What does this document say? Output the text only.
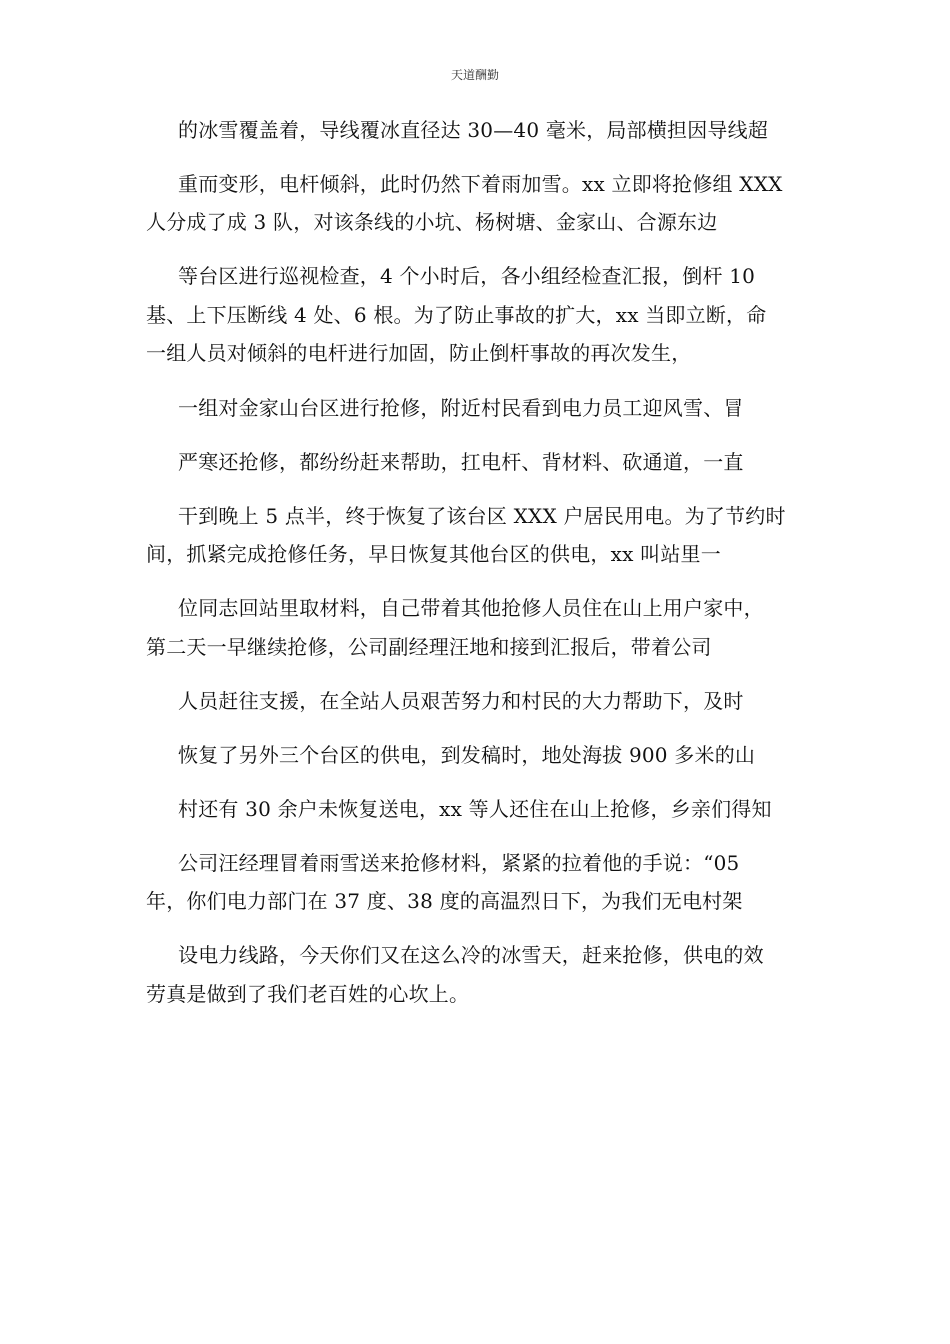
天道酬勤
的冰雪覆盖着，导线覆冰直径达 30—40 毫米，局部横担因导线超
重而变形，电杆倾斜，此时仍然下着雨加雪。xx 立即将抢修组 XXX
人分成了成 3 队，对该条线的小坑、杨树塘、金家山、合源东边
等台区进行巡视检查，4 个小时后，各小组经检查汇报，倒杆 10
基、上下压断线 4 处、6 根。为了防止事故的扩大，xx 当即立断，命
一组人员对倾斜的电杆进行加固，防止倒杆事故的再次发生，
一组对金家山台区进行抢修，附近村民看到电力员工迎风雪、冒
严寒还抢修，都纷纷赶来帮助，扛电杆、背材料、砍通道，一直
干到晚上 5 点半，终于恢复了该台区 XXX 户居民用电。为了节约时
间，抓紧完成抢修任务，早日恢复其他台区的供电，xx 叫站里一
位同志回站里取材料，自己带着其他抢修人员住在山上用户家中，
第二天一早继续抢修，公司副经理汪地和接到汇报后，带着公司
人员赶往支援，在全站人员艰苦努力和村民的大力帮助下，及时
恢复了另外三个台区的供电，到发稿时，地处海拔 900 多米的山
村还有 30 余户未恢复送电，xx 等人还住在山上抢修，乡亲们得知
公司汪经理冒着雨雪送来抢修材料，紧紧的拉着他的手说：“05
年，你们电力部门在 37 度、38 度的高温烈日下，为我们无电村架
设电力线路，今天你们又在这么冷的冰雪天，赶来抢修，供电的效
劳真是做到了我们老百姓的心坎上。
